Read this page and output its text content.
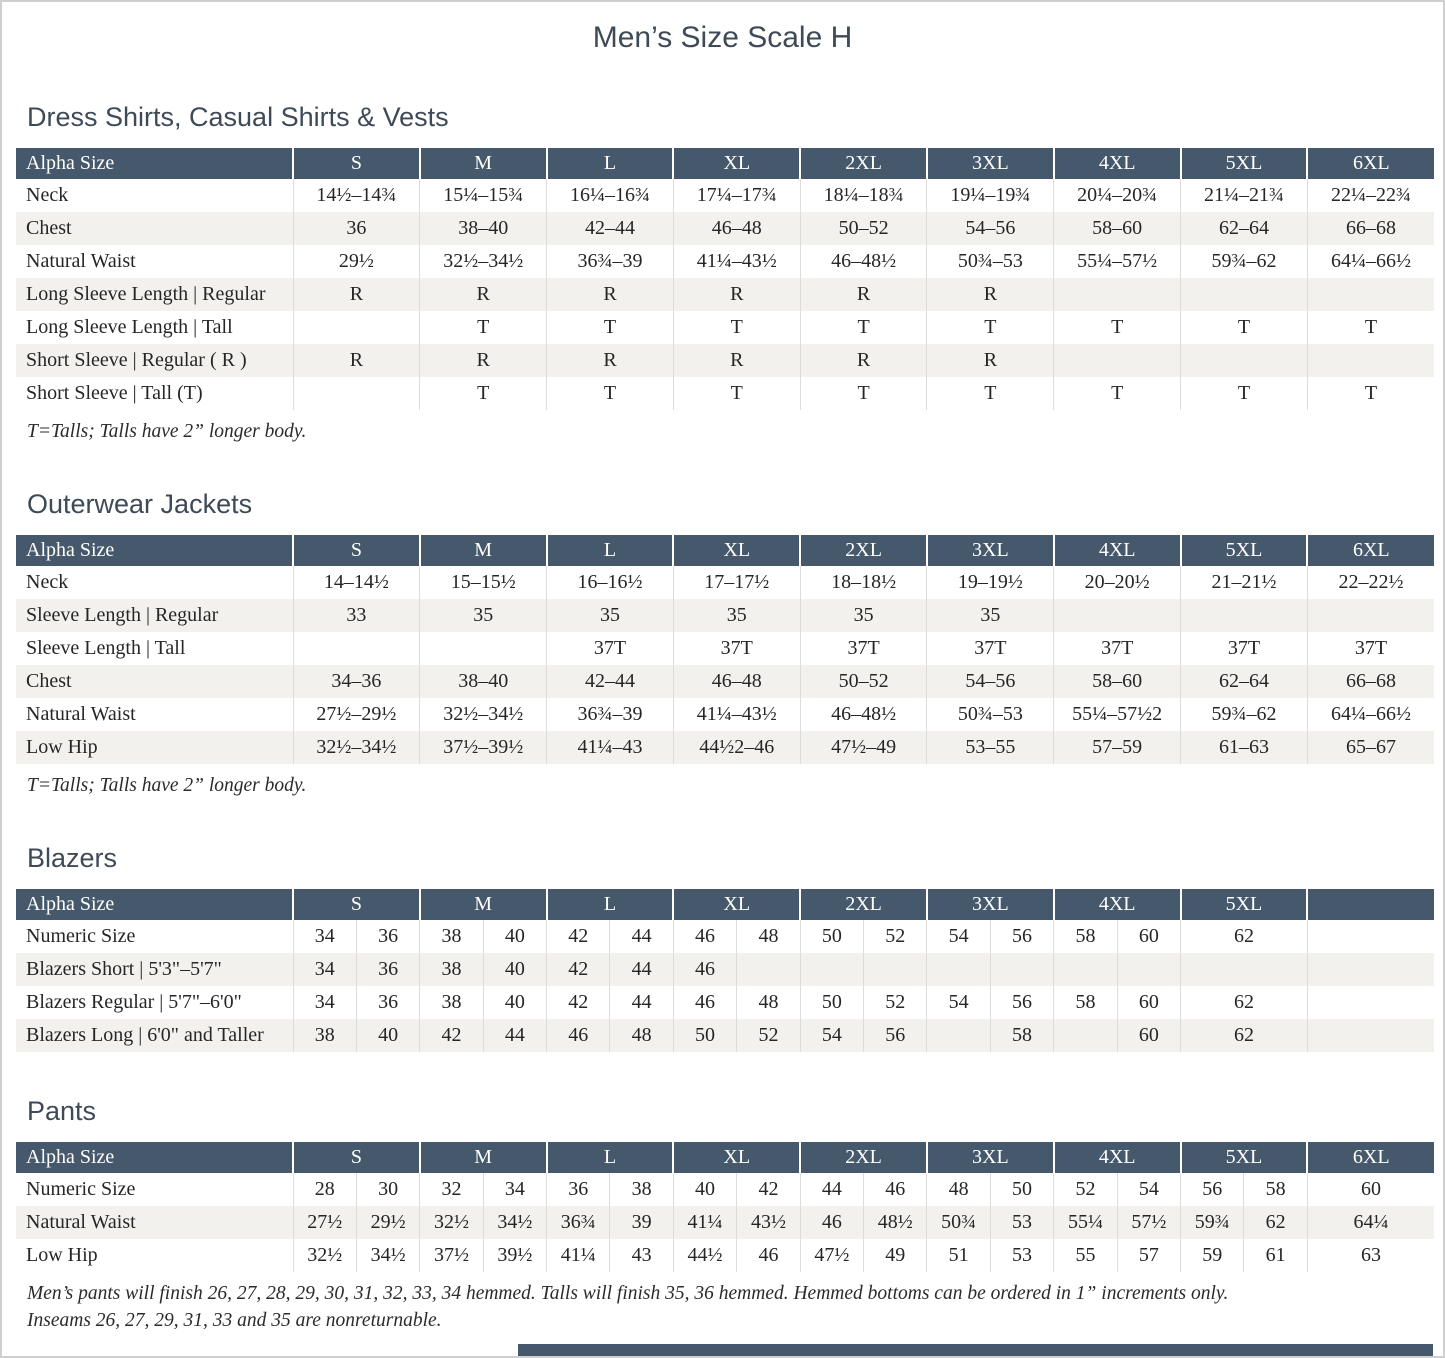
Men’s Size Scale H
Dress Shirts, Casual Shirts & Vests
Alpha Size	S	M	L	XL	2XL	3XL	4XL	5XL	6XL
Neck	14½–14¾	15¼–15¾	16¼–16¾	17¼–17¾	18¼–18¾	19¼–19¾	20¼–20¾	21¼–21¾	22¼–22¾
Chest	36	38–40	42–44	46–48	50–52	54–56	58–60	62–64	66–68
Natural Waist	29½	32½–34½	36¾–39	41¼–43½	46–48½	50¾–53	55¼–57½	59¾–62	64¼–66½
Long Sleeve Length | Regular	R	R	R	R	R	R			
Long Sleeve Length | Tall		T	T	T	T	T	T	T	T
Short Sleeve | Regular ( R )	R	R	R	R	R	R			
Short Sleeve | Tall (T)		T	T	T	T	T	T	T	T

T=Talls; Talls have 2” longer body.

Outerwear Jackets
Alpha Size	S	M	L	XL	2XL	3XL	4XL	5XL	6XL
Neck	14–14½	15–15½	16–16½	17–17½	18–18½	19–19½	20–20½	21–21½	22–22½
Sleeve Length | Regular	33	35	35	35	35	35			
Sleeve Length | Tall			37T	37T	37T	37T	37T	37T	37T
Chest	34–36	38–40	42–44	46–48	50–52	54–56	58–60	62–64	66–68
Natural Waist	27½–29½	32½–34½	36¾–39	41¼–43½	46–48½	50¾–53	55¼–57½2	59¾–62	64¼–66½
Low Hip	32½–34½	37½–39½	41¼–43	44½2–46	47½–49	53–55	57–59	61–63	65–67

T=Talls; Talls have 2” longer body.

Blazers
Alpha Size	S		M		L		XL		2XL		3XL		4XL		5XL	
Numeric Size	34	36	38	40	42	44	46	48	50	52	54	56	58	60	62	
Blazers Short | 5'3"–5'7"	34	36	38	40	42	44	46									
Blazers Regular | 5'7"–6'0"	34	36	38	40	42	44	46	48	50	52	54	56	58	60	62	
Blazers Long | 6'0" and Taller	38	40	42	44	46	48	50	52	54	56		58		60	62	
Pants
Alpha Size	S		M		L		XL		2XL		3XL		4XL		5XL		6XL
Numeric Size	28	30	32	34	36	38	40	42	44	46	48	50	52	54	56	58	60
Natural Waist	27½	29½	32½	34½	36¾	39	41¼	43½	46	48½	50¾	53	55¼	57½	59¾	62	64¼
Low Hip	32½	34½	37½	39½	41¼	43	44½	46	47½	49	51	53	55	57	59	61	63

Men’s pants will finish 26, 27, 28, 29, 30, 31, 32, 33, 34 hemmed. Talls will finish 35, 36 hemmed. Hemmed bottoms can be ordered in 1” increments only.

Inseams 26, 27, 29, 31, 33 and 35 are nonreturnable.
